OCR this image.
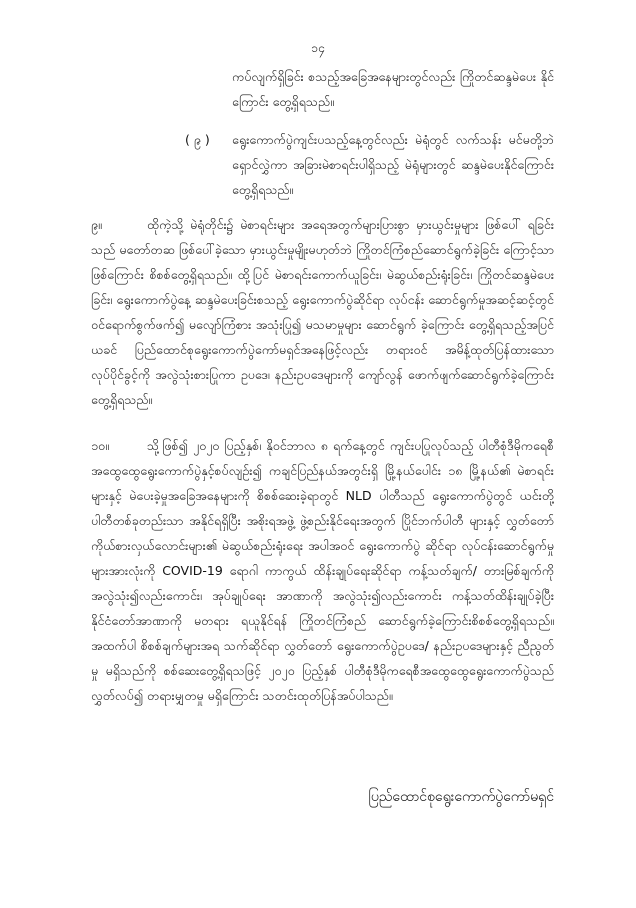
၁၄

ကပ်လျက်ရှိခြင်း စသည့်အခြေအနေများတွင်လည်း ကြိုတင်ဆန္ဒမဲပေး နိုင်ကြောင်း တွေ့ရှိရသည်။

( ၉ ) ရွေးကောက်ပွဲကျင်းပသည့်နေ့တွင်လည်း မဲရုံတွင် လက်သန်း မင်မတို့ဘဲ ရှောင်လွှဲကာ အခြားမဲစာရင်းပါရှိသည့် မဲရုံများတွင် ဆန္ဒမဲပေးနိုင်ကြောင်း တွေ့ရှိရသည်။

၉။	ထိုကဲ့သို့ မဲရုံတိုင်း၌ မဲစာရင်းများ အရေအတွက်များပြားစွာ မှားယွင်းမှုများ ဖြစ်ပေါ် ရခြင်းသည် မတော်တဆ ဖြစ်ပေါ်ခဲ့သော မှားယွင်းမှုမျိုးမဟုတ်ဘဲ ကြိုတင်ကြံစည်ဆောင်ရွက်ခဲ့ခြင်း ကြောင့်သာ ဖြစ်ကြောင်း စိစစ်တွေ့ရှိရသည်။ ထို့ပြင် မဲစာရင်းကောက်ယူခြင်း၊ မဲဆွယ်စည်းရုံးခြင်း၊ ကြိုတင်ဆန္ဒမဲပေးခြင်း၊ ရွေးကောက်ပွဲနေ့ ဆန္ဒမဲပေးခြင်းစသည့် ရွေးကောက်ပွဲဆိုင်ရာ လုပ်ငန်း ဆောင်ရွက်မှုအဆင့်ဆင့်တွင် ဝင်ရောက်စွက်ဖက်၍ မလျော်ကြံစား အသုံးပြု၍ မသမာမှုများ ဆောင်ရွက် ခဲ့ကြောင်း တွေ့ရှိရသည့်အပြင် ယခင် ပြည်ထောင်စုရွေးကောက်ပွဲကော်မရှင်အနေဖြင့်လည်း တရားဝင် အမိန့်ထုတ်ပြန်ထားသော လုပ်ပိုင်ခွင့်ကို အလွဲသုံးစားပြုကာ ဥပဒေ၊ နည်းဥပဒေများကို ကျော်လွန် ဖောက်ဖျက်ဆောင်ရွက်ခဲ့ကြောင်း တွေ့ရှိရသည်။

၁၀။	သို့ဖြစ်၍ ၂၀၂၀ ပြည့်နှစ်၊ နိုဝင်ဘာလ ၈ ရက်နေ့တွင် ကျင်းပပြုလုပ်သည့် ပါတီစုံဒီမိုကရေစီ အထွေထွေရွေးကောက်ပွဲနှင့်စပ်လျဉ်း၍ ကချင်ပြည်နယ်အတွင်းရှိ မြို့နယ်ပေါင်း ၁၈ မြို့နယ်၏ မဲစာရင်းများနှင့် မဲပေးခဲ့မှုအခြေအနေများကို စိစစ်ဆေးခဲ့ရာတွင် NLD ပါတီသည် ရွေးကောက်ပွဲတွင် ယင်းတို့ ပါတီတစ်ခုတည်းသာ အနိုင်ရရှိပြီး အစိုးရအဖွဲ့ ဖွဲ့စည်းနိုင်ရေးအတွက် ပြိုင်ဘက်ပါတီ များနှင့် လွှတ်တော်ကိုယ်စားလှယ်လောင်းများ၏ မဲဆွယ်စည်းရုံးရေး အပါအဝင် ရွေးကောက်ပွဲ ဆိုင်ရာ လုပ်ငန်းဆောင်ရွက်မှုများအားလုံးကို COVID-19 ရောဂါ ကာကွယ် ထိန်းချုပ်ရေးဆိုင်ရာ ကန့်သတ်ချက်/ တားမြစ်ချက်ကို အလွဲသုံး၍လည်းကောင်း၊ အုပ်ချုပ်ရေး အာဏာကို အလွဲသုံး၍လည်းကောင်း ကန့်သတ်ထိန်းချုပ်ခဲ့ပြီး နိုင်ငံတော်အာဏာကို မတရား ရယူနိုင်ရန် ကြိုတင်ကြံစည် ဆောင်ရွက်ခဲ့ကြောင်းစိစစ်တွေ့ရှိရသည်။ အထက်ပါ စိစစ်ချက်များအရ သက်ဆိုင်ရာ လွှတ်တော် ရွေးကောက်ပွဲဥပဒေ/ နည်းဥပဒေများနှင့် ညီညွတ်မှု မရှိသည်ကို စစ်ဆေးတွေ့ရှိရသဖြင့် ၂၀၂၀ ပြည့်နှစ် ပါတီစုံဒီမိုကရေစီအထွေထွေရွေးကောက်ပွဲသည် လွှတ်လပ်၍ တရားမျှတမှု မရှိကြောင်း သတင်းထုတ်ပြန်အပ်ပါသည်။

ပြည်ထောင်စုရွေးကောက်ပွဲကော်မရှင်
